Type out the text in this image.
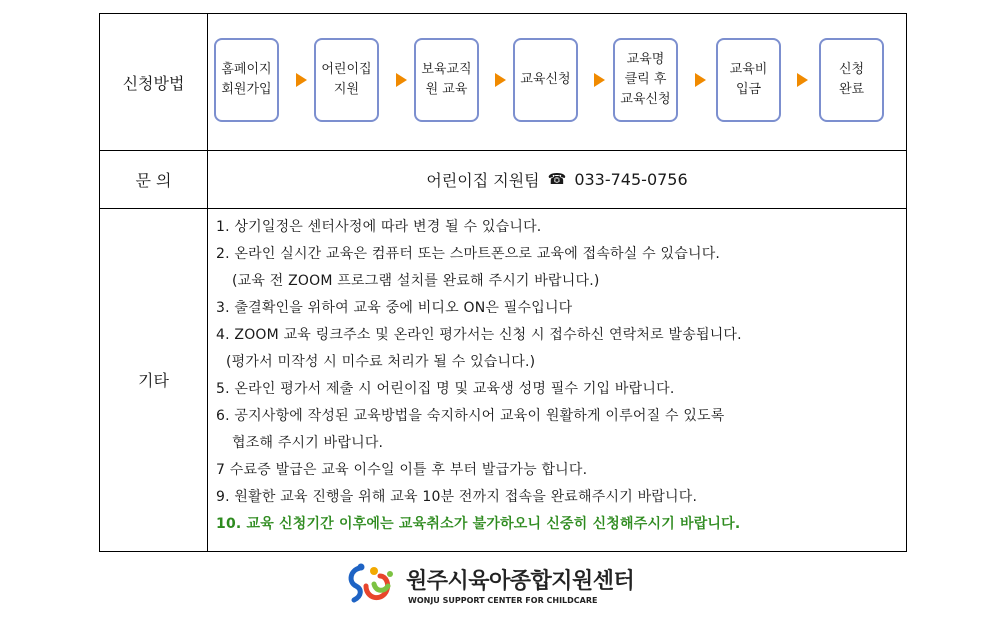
신청방법
홈페이지
회원가입
어린이집
지원
보육교직
원 교육
교육신청
교육명
클릭 후
교육신청
교육비
입금
신청
완료
문 의	어린이집 지원팀 ☎ 033-745-0756
기타
1. 상기일정은 센터사정에 따라 변경 될 수 있습니다.
2. 온라인 실시간 교육은 컴퓨터 또는 스마트폰으로 교육에 접속하실 수 있습니다.
(교육 전 ZOOM 프로그램 설치를 완료해 주시기 바랍니다.)
3. 출결확인을 위하여 교육 중에 비디오 ON은 필수입니다
4. ZOOM 교육 링크주소 및 온라인 평가서는 신청 시 접수하신 연락처로 발송됩니다.
(평가서 미작성 시 미수료 처리가 될 수 있습니다.)
5. 온라인 평가서 제출 시 어린이집 명 및 교육생 성명 필수 기입 바랍니다.
6. 공지사항에 작성된 교육방법을 숙지하시어 교육이 원활하게 이루어질 수 있도록
협조해 주시기 바랍니다.
7 수료증 발급은 교육 이수일 이틀 후 부터 발급가능 합니다.
9. 원활한 교육 진행을 위해 교육 10분 전까지 접속을 완료해주시기 바랍니다.
10. 교육 신청기간 이후에는 교육취소가 불가하오니 신중히 신청해주시기 바랍니다.
원주시육아종합지원센터
WONJU SUPPORT CENTER FOR CHILDCARE
